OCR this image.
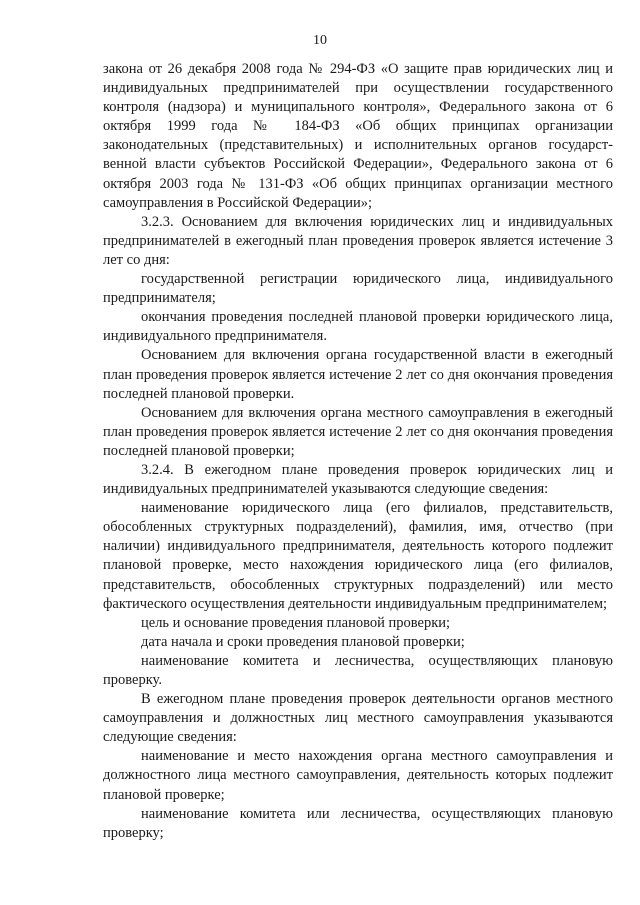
10

закона от 26 декабря 2008 года № 294-ФЗ «О защите прав юридических лиц и индивидуальных предпринимателей при осуществлении государственного контроля (надзора) и муниципального контроля», Федерального закона от 6 октября 1999 года № 184-ФЗ «Об общих принципах организации законодательных (представительных) и исполнительных органов государст-венной власти субъектов Российской Федерации», Федерального закона от 6 октября 2003 года № 131-ФЗ «Об общих принципах организации местного самоуправления в Российской Федерации»;

3.2.3. Основанием для включения юридических лиц и индивидуальных предпринимателей в ежегодный план проведения проверок является истечение 3 лет со дня:

государственной регистрации юридического лица, индивидуального предпринимателя;

окончания проведения последней плановой проверки юридического лица, индивидуального предпринимателя.

Основанием для включения органа государственной власти в ежегодный план проведения проверок является истечение 2 лет со дня окончания проведения последней плановой проверки.

Основанием для включения органа местного самоуправления в ежегодный план проведения проверок является истечение 2 лет со дня окончания проведения последней плановой проверки;

3.2.4. В ежегодном плане проведения проверок юридических лиц и индивидуальных предпринимателей указываются следующие сведения:

наименование юридического лица (его филиалов, представительств, обособленных структурных подразделений), фамилия, имя, отчество (при наличии) индивидуального предпринимателя, деятельность которого подлежит плановой проверке, место нахождения юридического лица (его филиалов, представительств, обособленных структурных подразделений) или место фактического осуществления деятельности индивидуальным предпринимателем;

цель и основание проведения плановой проверки;

дата начала и сроки проведения плановой проверки;

наименование комитета и лесничества, осуществляющих плановую проверку.

В ежегодном плане проведения проверок деятельности органов местного самоуправления и должностных лиц местного самоуправления указываются следующие сведения:

наименование и место нахождения органа местного самоуправления и должностного лица местного самоуправления, деятельность которых подлежит плановой проверке;

наименование комитета или лесничества, осуществляющих плановую проверку;
